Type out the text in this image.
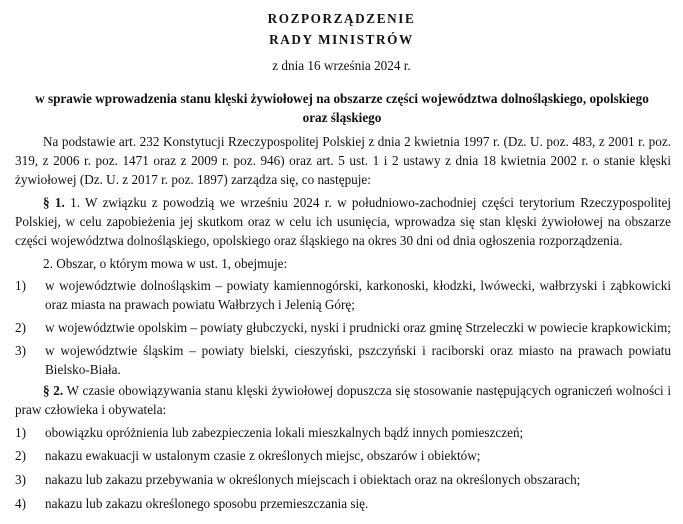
ROZPORZĄDZENIE
RADY MINISTRÓW
z dnia 16 września 2024 r.
w sprawie wprowadzenia stanu klęski żywiołowej na obszarze części województwa dolnośląskiego, opolskiego oraz śląskiego
Na podstawie art. 232 Konstytucji Rzeczypospolitej Polskiej z dnia 2 kwietnia 1997 r. (Dz. U. poz. 483, z 2001 r. poz. 319, z 2006 r. poz. 1471 oraz z 2009 r. poz. 946) oraz art. 5 ust. 1 i 2 ustawy z dnia 18 kwietnia 2002 r. o stanie klęski żywiołowej (Dz. U. z 2017 r. poz. 1897) zarządza się, co następuje:
§ 1. 1. W związku z powodzią we wrześniu 2024 r. w południowo-zachodniej części terytorium Rzeczypospolitej Polskiej, w celu zapobieżenia jej skutkom oraz w celu ich usunięcia, wprowadza się stan klęski żywiołowej na obszarze części województwa dolnośląskiego, opolskiego oraz śląskiego na okres 30 dni od dnia ogłoszenia rozporządzenia.
2. Obszar, o którym mowa w ust. 1, obejmuje:
1)	w województwie dolnośląskim – powiaty kamiennogórski, karkonoski, kłodzki, lwówecki, wałbrzyski i ząbkowicki oraz miasta na prawach powiatu Wałbrzych i Jelenią Górę;
2)	w województwie opolskim – powiaty głubczycki, nyski i prudnicki oraz gminę Strzeleczki w powiecie krapkowickim;
3)	w województwie śląskim – powiaty bielski, cieszyński, pszczyński i raciborski oraz miasto na prawach powiatu Bielsko-Biała.
§ 2. W czasie obowiązywania stanu klęski żywiołowej dopuszcza się stosowanie następujących ograniczeń wolności i praw człowieka i obywatela:
1)	obowiązku opróżnienia lub zabezpieczenia lokali mieszkalnych bądź innych pomieszczeń;
2)	nakazu ewakuacji w ustalonym czasie z określonych miejsc, obszarów i obiektów;
3)	nakazu lub zakazu przebywania w określonych miejscach i obiektach oraz na określonych obszarach;
4)	nakazu lub zakazu określonego sposobu przemieszczania się.
